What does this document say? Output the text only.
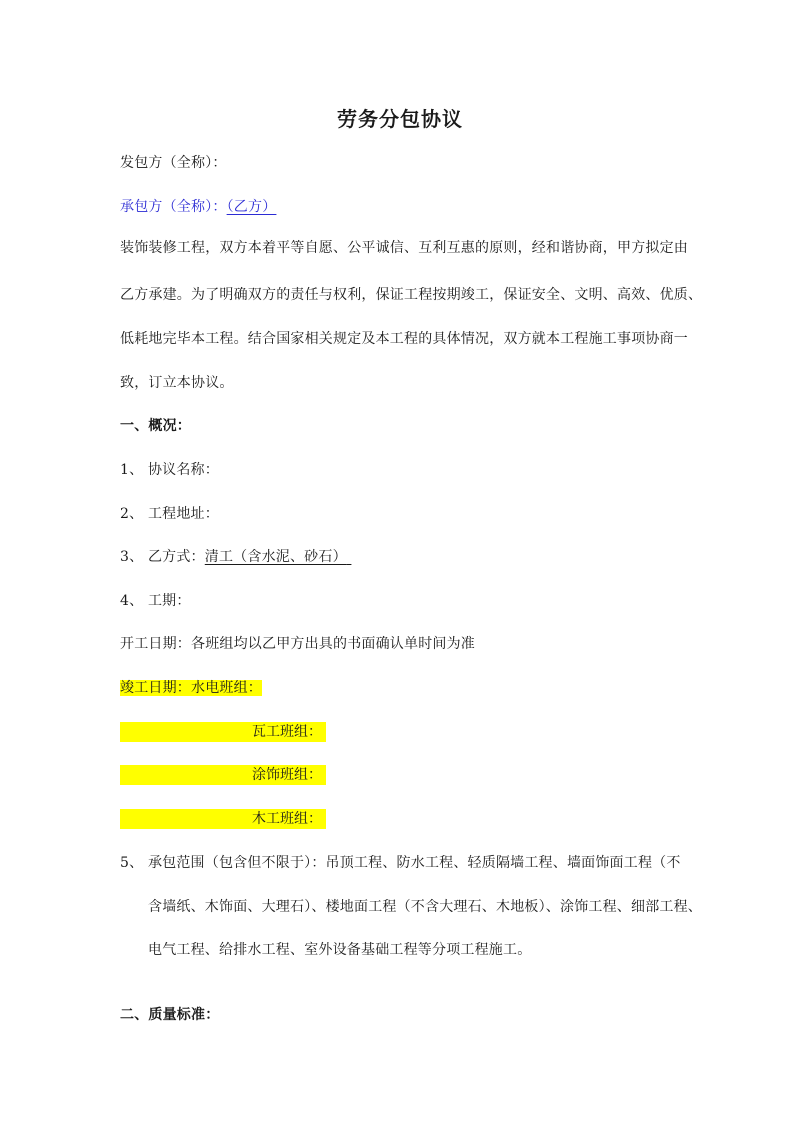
劳务分包协议
发包方（全称）：
承包方（全称）：（乙方）
装饰装修工程，双方本着平等自愿、公平诚信、互利互惠的原则，经和谐协商，甲方拟定由
乙方承建。为了明确双方的责任与权利，保证工程按期竣工，保证安全、文明、高效、优质、
低耗地完毕本工程。结合国家相关规定及本工程的具体情况，双方就本工程施工事项协商一
致，订立本协议。
一、概况：
1、 协议名称：
2、 工程地址：
3、 乙方式：清工（含水泥、砂石）
4、 工期：
开工日期：各班组均以乙甲方出具的书面确认单时间为准
竣工日期：水电班组：
瓦工班组：
涂饰班组：
木工班组：
5、 承包范围（包含但不限于）：吊顶工程、防水工程、轻质隔墙工程、墙面饰面工程（不
含墙纸、木饰面、大理石）、楼地面工程（不含大理石、木地板）、涂饰工程、细部工程、
电气工程、给排水工程、室外设备基础工程等分项工程施工。
二、质量标准：
